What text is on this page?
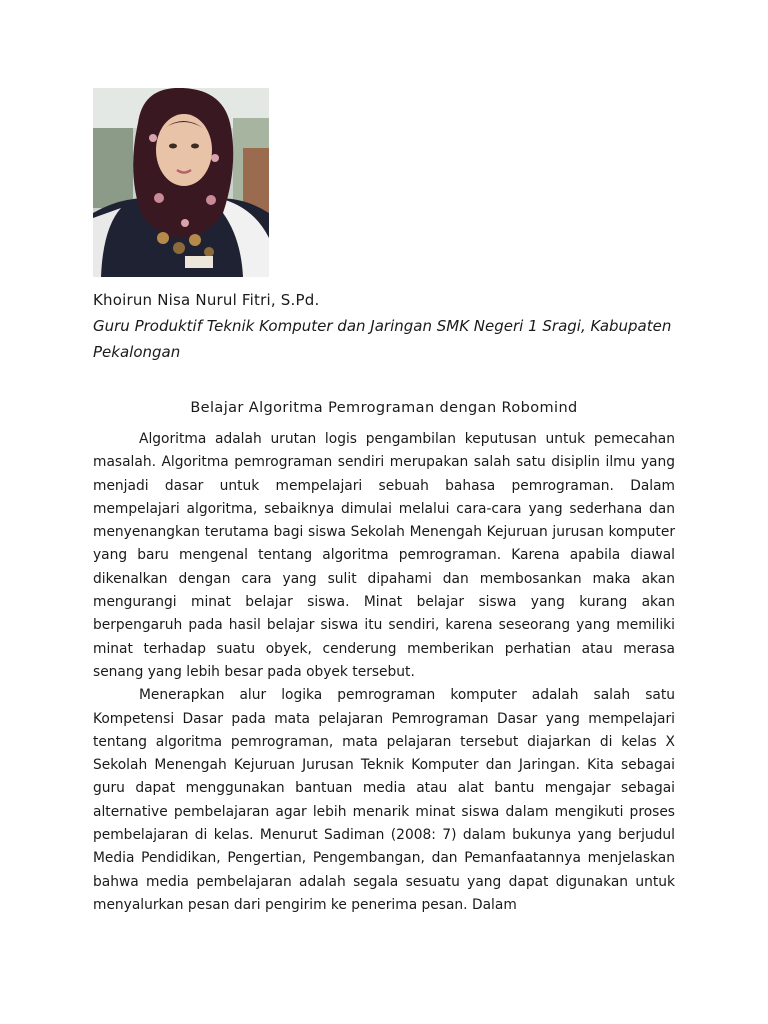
Khoirun Nisa Nurul Fitri, S.Pd.
Guru Produktif Teknik Komputer dan Jaringan SMK Negeri 1 Sragi, Kabupaten Pekalongan
Belajar Algoritma Pemrograman dengan Robomind

Algoritma adalah urutan logis pengambilan keputusan untuk pemecahan masalah. Algoritma pemrograman sendiri merupakan salah satu disiplin ilmu yang menjadi dasar untuk mempelajari sebuah bahasa pemrograman. Dalam mempelajari algoritma, sebaiknya dimulai melalui cara-cara yang sederhana dan menyenangkan terutama bagi siswa Sekolah Menengah Kejuruan jurusan komputer yang baru mengenal tentang algoritma pemrograman. Karena apabila diawal dikenalkan dengan cara yang sulit dipahami dan membosankan maka akan mengurangi minat belajar siswa. Minat belajar siswa yang kurang akan berpengaruh pada hasil belajar siswa itu sendiri, karena seseorang yang memiliki minat terhadap suatu obyek, cenderung memberikan perhatian atau merasa senang yang lebih besar pada obyek tersebut.

Menerapkan alur logika pemrograman komputer adalah salah satu Kompetensi Dasar pada mata pelajaran Pemrograman Dasar yang mempelajari tentang algoritma pemrograman, mata pelajaran tersebut diajarkan di kelas X Sekolah Menengah Kejuruan Jurusan Teknik Komputer dan Jaringan. Kita sebagai guru dapat menggunakan bantuan media atau alat bantu mengajar sebagai alternative pembelajaran agar lebih menarik minat siswa dalam mengikuti proses pembelajaran di kelas. Menurut Sadiman (2008: 7) dalam bukunya yang berjudul Media Pendidikan, Pengertian, Pengembangan, dan Pemanfaatannya menjelaskan bahwa media pembelajaran adalah segala sesuatu yang dapat digunakan untuk menyalurkan pesan dari pengirim ke penerima pesan. Dalam
